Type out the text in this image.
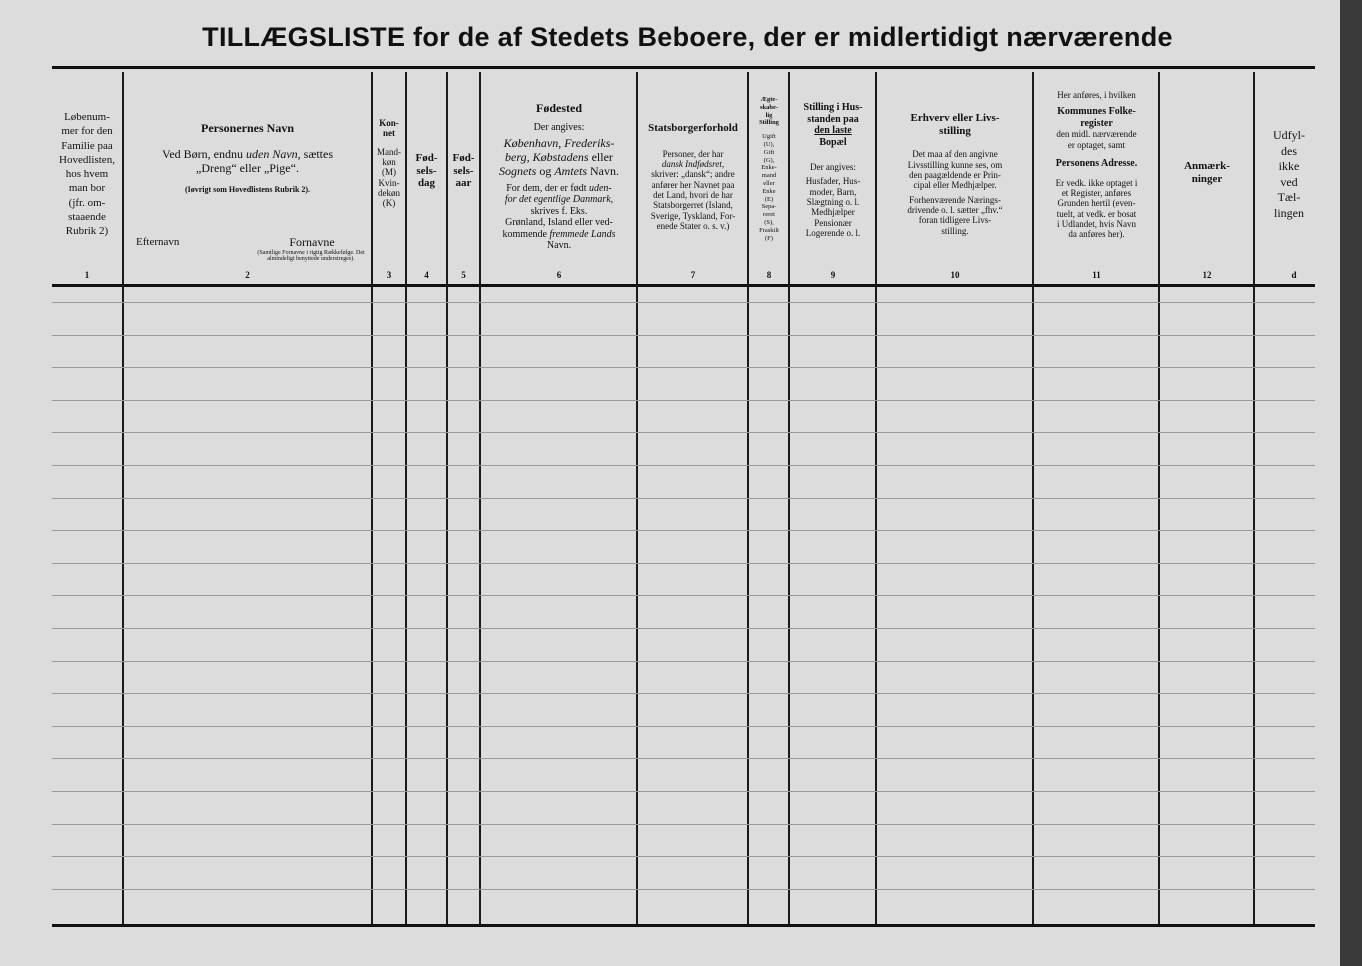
TILLÆGSLISTE for de af Stedets Beboere, der er midlertidigt nærværende
Løbenum-
mer for den
Familie paa
Hovedlisten,
hos hvem
man bor
(jfr. om-
staaende
Rubrik 2)
1
Personernes Navn
Ved Børn, endnu uden Navn, sættes
„Dreng“ eller „Pige“.
(Iøvrigt som Hovedlistens Rubrik 2).
Efternavn	Fornavne
(Samtlige Fornavne i rigtig Rækkefølge. Det almindeligt benyttede understreges).
2
Kon-
net
Mand-
køn
(M)
Kvin-
dekøn
(K)
3
Fød-
sels-
dag
4
Fød-
sels-
aar
5
Fødested
Der angives:
København, Frederiks-
berg, Købstadens eller
Sognets og Amtets Navn.
For dem, der er født uden-
for det egentlige Danmark,
skrives f. Eks.
Grønland, Island eller ved-
kommende fremmede Lands
Navn.
6
Statsborgerforhold
Personer, der har
dansk Indfødsret,
skriver: „dansk“; andre
anfører her Navnet paa
det Land, hvori de har
Statsborgerret (Island,
Sverige, Tyskland, For-
enede Stater o. s. v.)
7
Ægte-
skabe-
lig
Stilling
Ugift
(U),
Gift
(G),
Enke-
mand
eller
Enke
(E)
Sepa-
reret
(S),
Fraskilt
(F)
8
Stilling i Hus-
standen paa
den laste
Bopæl
Der angives:
Husfader, Hus-
moder, Barn,
Slægtning o. l.
Medhjælper
Pensionær
Logerende o. l.
9
Erhverv eller Livs-
stilling
Det maa af den angivne
Livsstilling kunne ses, om
den paagældende er Prin-
cipal eller Medhjælper.
Forhenværende Nærings-
drivende o. l. sætter „fhv.“
foran tidligere Livs-
stilling.
10
Her anføres, i hvilken
Kommunes Folke-
register
den midl. nærværende
er optaget, samt
Personens Adresse.
Er vedk. ikke optaget i
et Register, anføres
Grunden hertil (even-
tuelt, at vedk. er bosat
i Udlandet, hvis Navn
da anføres her).
11
Anmærk-
ninger
12
Udfyl-
des
ikke
ved
Tæl-
lingen
d
